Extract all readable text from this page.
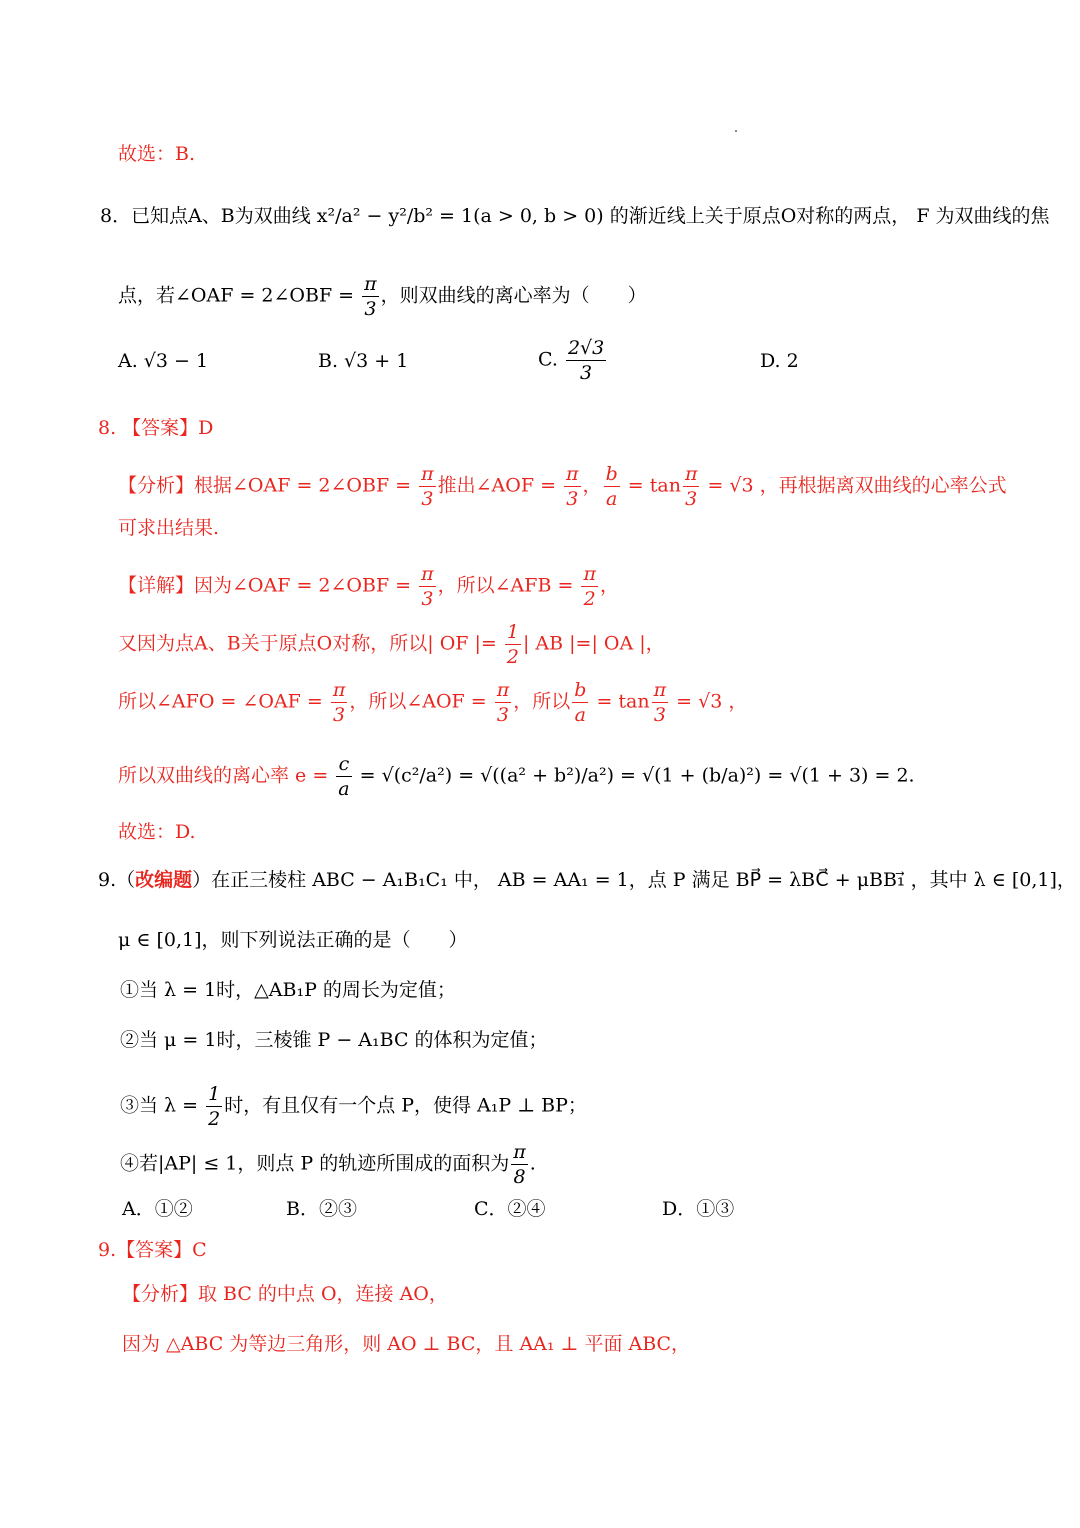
故选：B.
8．已知点A、B为双曲线 x²/a² − y²/b² = 1(a > 0, b > 0) 的渐近线上关于原点O对称的两点， F 为双曲线的焦
点，若∠OAF = 2∠OBF = $\frac{\pi}{3}$ ，则双曲线的离心率为（　　）
A. √3 − 1	B. √3 + 1	C. $\frac{2√3}{3}$	D. 2
8. 【答案】D
【分析】根据∠OAF = 2∠OBF = $\frac{\pi}{3}$ 推出∠AOF = $\frac{\pi}{3}$ ， $\frac{b}{a} = \tan \frac{\pi}{3} = √3$ ，再根据离双曲线的心率公式
可求出结果.
【详解】因为∠OAF = 2∠OBF = $\frac{\pi}{3}$ ，所以∠AFB = $\frac{\pi}{2}$ ，
又因为点A、B关于原点O对称，所以| OF |= $\frac{1}{2}$ | AB |=| OA |，
所以∠AFO = ∠OAF = $\frac{\pi}{3}$ ，所以∠AOF = $\frac{\pi}{3}$ ，所以 $\frac{b}{a} = \tan \frac{\pi}{3} = √3$ ，
所以双曲线的离心率 $e = \frac{c}{a} = √(c^2/a^2) = √((a^2 + b^2)/a^2) = √(1 + (b/a)^2) = √(1 + 3) = 2$.
故选：D.
9.（改编题）在正三棱柱 ABC − A₁B₁C₁ 中， AB = AA₁ = 1，点 P 满足 BP⃗ = λBC⃗ + μBB₁⃗ ，其中 λ ∈ [0,1]，
μ ∈ [0,1]，则下列说法正确的是（　　）
①当 λ = 1时，△AB₁P 的周长为定值；
②当 μ = 1时，三棱锥 P − A₁BC 的体积为定值；
③当 $\lambda = \frac{1}{2}$ 时，有且仅有一个点 P，使得 A₁P ⊥ BP；
④若|AP| ≤ 1，则点 P 的轨迹所围成的面积为 $\frac{\pi}{8}$ .
A．①②	B．②③	C．②④	D．①③
9.【答案】C
【分析】取 BC 的中点 O，连接 AO，
因为 △ABC 为等边三角形，则 AO ⊥ BC，且 AA₁ ⊥ 平面 ABC，
